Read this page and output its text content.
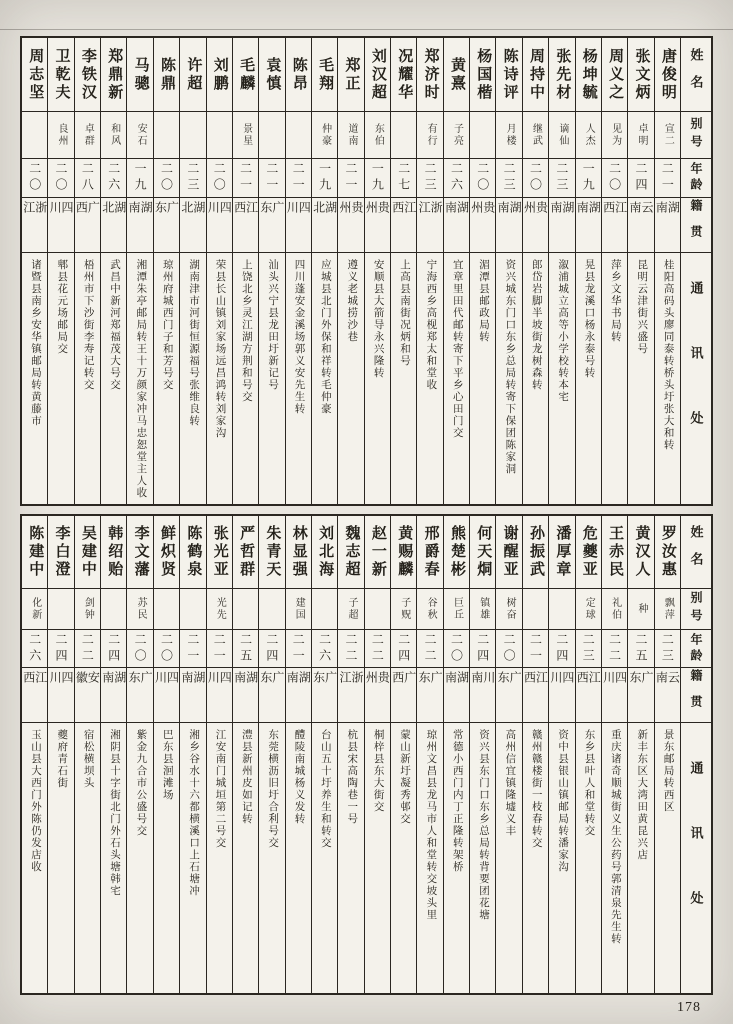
姓名
别号
年龄
籍贯
通讯处
唐俊明
宣二
二一
湖南
桂阳高码头廖同泰转桥头圩张大和转
张文炳
卓明
二四
云南
昆明云津街兴盛号
周义之
见为
二〇
江西
萍乡文华书局转
杨坤毓
人杰
一九
湖南
晃县龙溪口杨永泰号转
张先材
谪仙
二三
湖南
溆浦城立高等小学校转本宅
周持中
继武
二〇
贵州
郎岱岩脚半坡街龙树森转
陈诗评
月楼
二三
湖南
资兴城东门口东乡总局转寄下保团陈家洞
杨国楷
二〇
贵州
湄潭县邮政局转
黄熹
子亮
二六
湖南
宜章里田代邮转寄下平乡心田门交
郑济时
有行
二三
浙江
宁海西乡高枧郑太和堂收
况耀华
二七
江西
上高县南街况炳和号
刘汉超
东伯
一九
贵州
安顺县大箭导永兴隆转
郑正
道南
二一
贵州
遵义老城捞沙巷
毛翔
仲豪
一九
湖北
应城县北门外保和祥转毛仲豪
陈昂
二一
四川
四川蓬安金溪场郭义安先生转
袁慎
二一
广东
汕头兴宁县龙田圩新记号
毛麟
景星
二一
江西
上饶北乡灵江湖方荆和号交
刘鹏
二〇
四川
荣县长山镇刘家场远昌鸿转刘家沟
许超
二三
湖北
湖南津市河街恒源福号张维良转
陈鼎
二〇
广东
琼州府城西门子和芳号交
马骢
安石
一九
湖南
湘潭朱亭邮局转王十万颜家冲马忠恕堂主人收
郑鼎新
和风
二六
湖北
武昌中新河郑福茂大号交
李铁汉
卓群
二八
广西
梧州市下沙街李寿记转交
卫乾夫
良州
二〇
四川
郫县花元场邮局交
周志坚
二〇
浙江
诸暨县南乡安华镇邮局转黄藤市
姓名
别号
年龄
籍贯
通讯处
罗汝惠
飘萍
二三
云南
景东邮局转西区
黄汉人
种
二五
广东
新丰东区大湾田黄昆兴店
王赤民
礼伯
二二
四川
重庆诸奇顺城街义生公药号郭清泉先生转
危夔亚
定球
二三
江西
东乡县叶人和堂转交
潘厚章
二四
四川
资中县银山镇邮局转潘家沟
孙振武
二一
江西
赣州赣楼街一枝春转交
谢醒亚
树奋
二〇
广东
高州信宜镇隆墟义丰
何天烔
镇雄
二四
川南
资兴县东门口东乡总局转背要团花塘
熊楚彬
巨丘
二〇
湖南
常德小西门内丁正隆转架桥
邢爵春
谷秋
二二
广东
琼州文昌县龙马市人和堂转交坡头里
黄赐麟
子贶
二四
广西
蒙山新圩凝秀邨交
赵一新
二二
贵州
桐梓县东大街交
魏志超
子超
二二
浙江
杭县宋高陶巷一号
刘北海
二六
广东
台山五十圩养生和转交
林显强
建国
二一
湖南
醴陵南城杨义发转
朱青天
二四
广东
东莞横沥旧圩合利号交
严哲群
二五
湖南
澧县新州皮如记转
张光亚
光先
二一
四川
江安南门城垣第二号交
陈鹤泉
二一
湖南
湘乡谷水十六都横溪口上石塘冲
鲜炽贤
二〇
四川
巴东县洄滩场
李文藩
苏民
二〇
广东
紫金九合市公盛号交
韩绍贻
二四
湖南
湘阴县十字街北门外石头塘韩宅
吴建中
剑钟
二二
安徽
宿松横坝头
李白澄
二四
四川
夔府青石街
陈建中
化新
二六
江西
玉山县大西门外陈仍发店收
178
